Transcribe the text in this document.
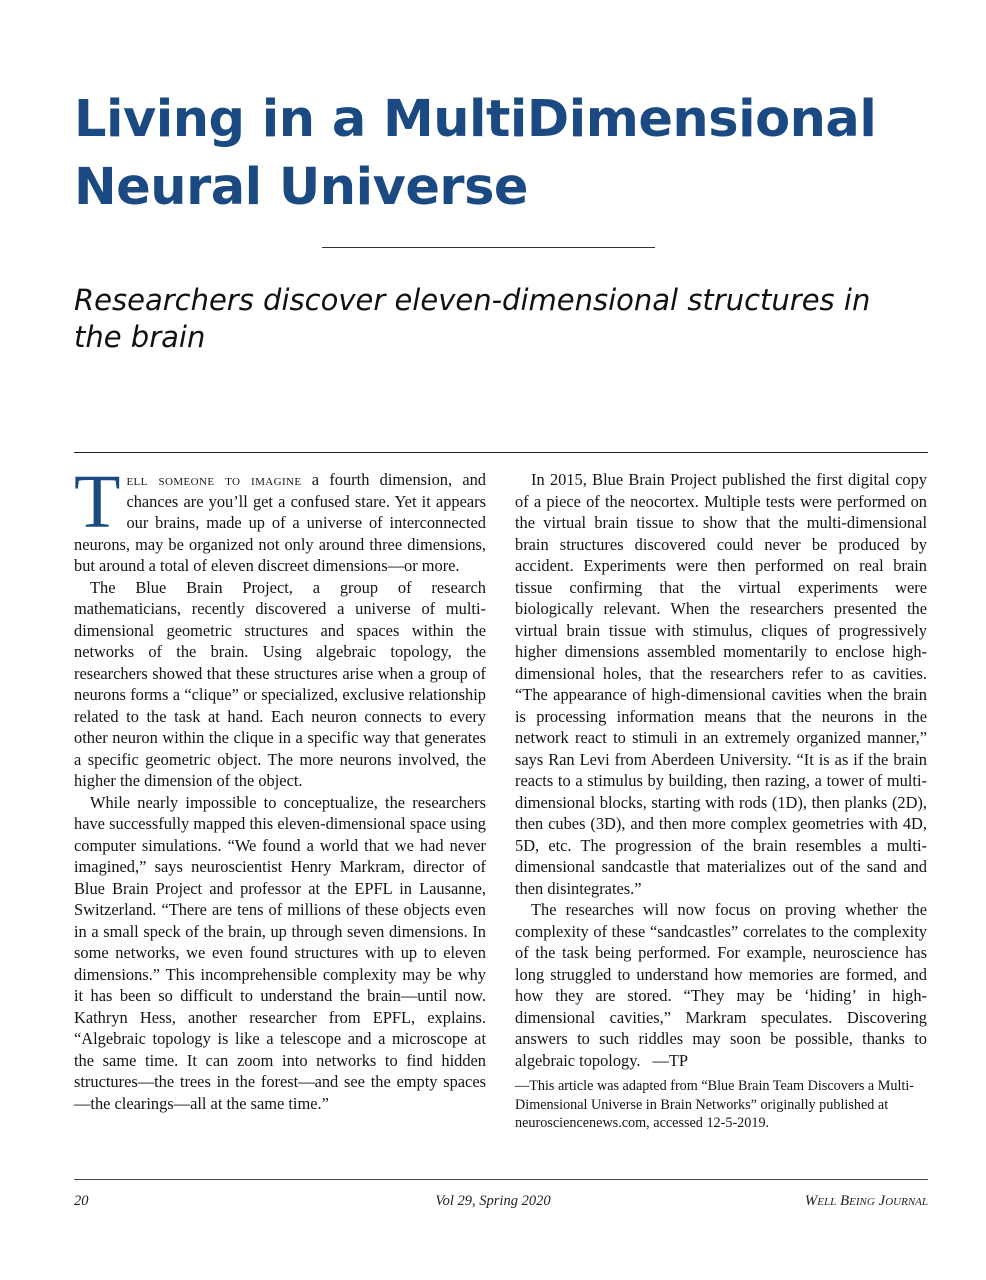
Living in a MultiDimensional
Neural Universe
Researchers discover eleven-dimensional structures in the brain

Tell someone to imagine a fourth dimension, and chances are you’ll get a confused stare. Yet it appears our brains, made up of a universe of interconnected neurons, may be organized not only around three dimensions, but around a total of eleven discreet dimensions—or more.

The Blue Brain Project, a group of research mathematicians, recently discovered a universe of multi-dimensional geometric structures and spaces within the networks of the brain. Using algebraic topology, the researchers showed that these structures arise when a group of neurons forms a “clique” or specialized, exclusive relationship related to the task at hand. Each neuron connects to every other neuron within the clique in a specific way that generates a specific geometric object. The more neurons involved, the higher the dimension of the object.

While nearly impossible to conceptualize, the researchers have successfully mapped this eleven-dimensional space using computer simulations. “We found a world that we had never imagined,” says neuroscientist Henry Markram, director of Blue Brain Project and professor at the EPFL in Lausanne, Switzerland. “There are tens of millions of these objects even in a small speck of the brain, up through seven dimensions. In some networks, we even found structures with up to eleven dimensions.” This incomprehensible complexity may be why it has been so difficult to understand the brain—until now. Kathryn Hess, another researcher from EPFL, explains. “Algebraic topology is like a telescope and a microscope at the same time. It can zoom into networks to find hidden structures—the trees in the forest—and see the empty spaces—the clearings—all at the same time.”

In 2015, Blue Brain Project published the first digital copy of a piece of the neocortex. Multiple tests were performed on the virtual brain tissue to show that the multi-dimensional brain structures discovered could never be produced by accident. Experiments were then performed on real brain tissue confirming that the virtual experiments were biologically relevant. When the researchers presented the virtual brain tissue with stimulus, cliques of progressively higher dimensions assembled momentarily to enclose high-dimensional holes, that the researchers refer to as cavities. “The appearance of high-dimensional cavities when the brain is processing information means that the neurons in the network react to stimuli in an extremely organized manner,” says Ran Levi from Aberdeen University. “It is as if the brain reacts to a stimulus by building, then razing, a tower of multi-dimensional blocks, starting with rods (1D), then planks (2D), then cubes (3D), and then more complex geometries with 4D, 5D, etc. The progression of the brain resembles a multi-dimensional sandcastle that materializes out of the sand and then disintegrates.”

The researches will now focus on proving whether the complexity of these “sandcastles” correlates to the complexity of the task being performed. For example, neuroscience has long struggled to understand how memories are formed, and how they are stored. “They may be ‘hiding’ in high-dimensional cavities,” Markram speculates. Discovering answers to such riddles may soon be possible, thanks to algebraic topology. —TP

—This article was adapted from “Blue Brain Team Discovers a Multi-Dimensional Universe in Brain Networks” originally published at neurosciencenews.com, accessed 12-5-2019.

20	Vol 29, Spring 2020	Well Being Journal
